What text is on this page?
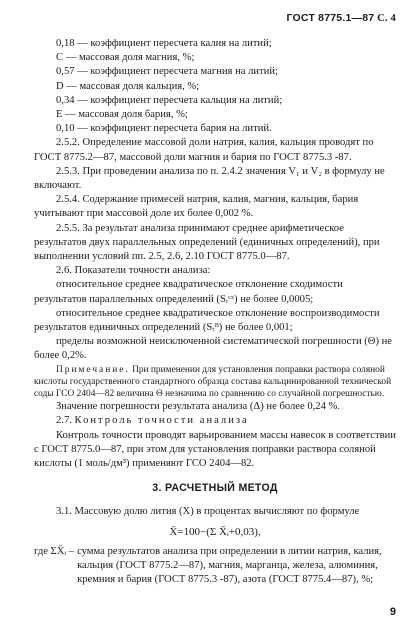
ГОСТ 8775.1—87 С. 4

0,18 — коэффициент пересчета калия на литий;

C — массовая доля магния, %;

0,57 — коэффициент пересчета магния на литий;

D — массовая доля кальция, %;

0,34 — коэффициент пересчета кальция на литий;

E — массовая доля бария, %;

0,10 — коэффициент пересчета бария на литий.

2.5.2. Определение массовой доли натрия, калия, кальция проводят по ГОСТ 8775.2—87, массовой доли магния и бария по ГОСТ 8775.3 -87.

2.5.3. При проведении анализа по п. 2.4.2 значения V₁ и V₂ в формулу не включают.

2.5.4. Содержание примесей натрия, калия, магния, кальция, бария учитывают при массовой доле их более 0,002 %.

2.5.5. За результат анализа принимают среднее арифметическое результатов двух параллельных определений (единичных определений), при выполнении условий пп. 2.5, 2.6, 2.10 ГОСТ 8775.0—87.

2.6. Показатели точности анализа:

относительное среднее квадратическое отклонение сходимости результатов параллельных определений (Sᵣᶜˣ) не более 0,0005;

относительное среднее квадратическое отклонение воспроизводимости результатов единичных определений (Sᵣᴮ) не более 0,001;

пределы возможной неисключенной систематической погрешности (Θ) не более 0,2%.

Примечание. При применении для установления поправки раствора соляной кислоты государственного стандартного образца состава кальцинированной технической соды ГСО 2404—82 величина Θ незначима по сравнению со случайной погрешностью.

Значение погрешности результата анализа (Δ) не более 0,24 %.

2.7. Контроль точности анализа

Контроль точности проводят варьированием массы навесок в соответствии с ГОСТ 8775.0—87, при этом для установления поправки раствора соляной кислоты (1 моль/дм³) применяют ГСО 2404—82.

3. РАСЧЕТНЫЙ МЕТОД

3.1. Массовую долю лития (X) в процентах вычисляют по формуле

X̄=100−(Σ X̄ᵢ+0,03),
где ΣX̄ᵢ – сумма результатов анализа при определении в литии натрия, калия, кальция (ГОСТ 8775.2—87), магния, марганца, железа, алюминия, кремния и бария (ГОСТ 8775.3 -87), азота (ГОСТ 8775.4—87), %;
9
